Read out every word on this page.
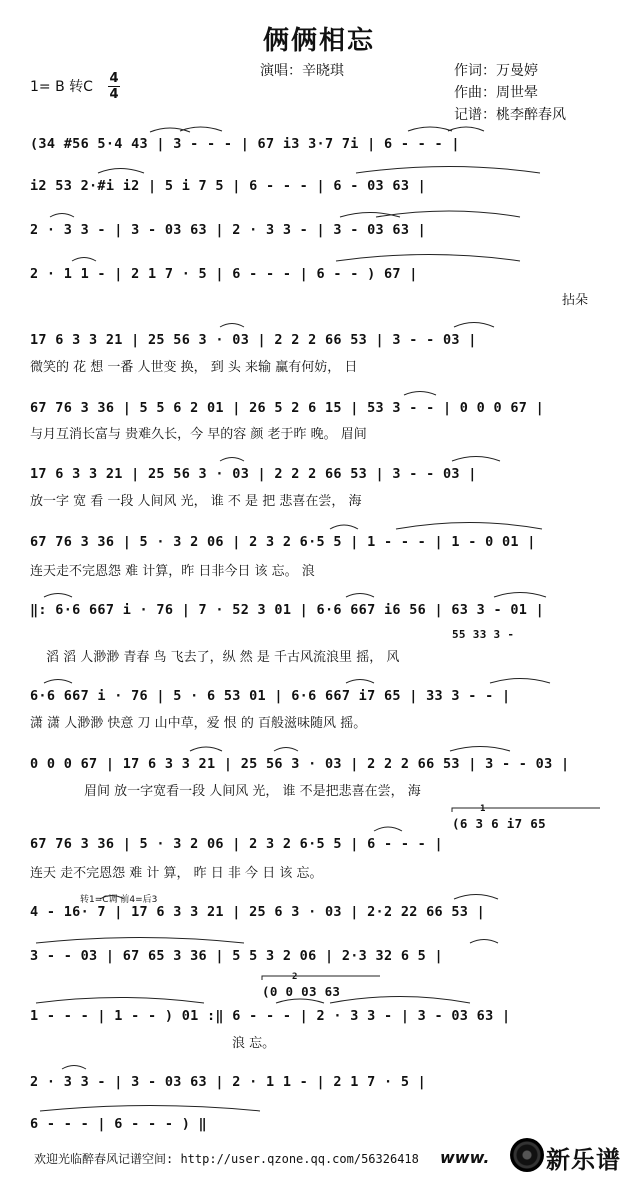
俩俩相忘
演唱：辛晓琪	作词：万曼婷
作曲：周世晕
记谱：桃李醉春风
1= B 转C
4
4
(34 #56 5·4 43 | 3 - - - | 67 i3 3·7 7i | 6 - - - |
i2 53 2·#i i2 | 5 i 7 5 | 6 - - - | 6 - 03 63 |
2 · 3 3 - | 3 - 03 63 | 2 · 3 3 - | 3 - 03 63 |
2 · 1 1 - | 2 1 7 · 5 | 6 - - - | 6 - - ) 67 |
拈朵
17 6 3 3 21 | 25 56 3 · 03 | 2 2 2 66 53 | 3 - - 03 |
微笑的 花 想 一番 人世变 换， 到 头 来输 赢有何妨， 日
67 76 3 36 | 5 5 6 2 01 | 26 5 2 6 15 | 53 3 - - | 0 0 0 67 |
与月互消长富与 贵难久长，今 早的容 颜 老于昨 晚。 眉间
17 6 3 3 21 | 25 56 3 · 03 | 2 2 2 66 53 | 3 - - 03 |
放一字 宽 看 一段 人间风 光， 谁 不 是 把 悲喜在尝， 海
67 76 3 36 | 5 · 3 2 06 | 2 3 2 6·5 5 | 1 - - - | 1 - 0 01 |
连天走不完恩怨 难 计算，昨 日非今日 该 忘。 浪
‖: 6·6 667 i · 76 | 7 · 52 3 01 | 6·6 667 i6 56 | 63 3 - 01 |
55 33 3 -
滔 滔 人渺渺 青春 鸟 飞去了，纵 然 是 千古风流浪里 摇， 风
6·6 667 i · 76 | 5 · 6 53 01 | 6·6 667 i7 65 | 33 3 - - |
潇 潇 人渺渺 快意 刀 山中草，爱 恨 的 百般滋味随风 摇。
0 0 0 67 | 17 6 3 3 21 | 25 56 3 · 03 | 2 2 2 66 53 | 3 - - 03 |
眉间 放一字宽看一段 人间风 光， 谁 不是把悲喜在尝， 海
1
(6 3 6 i7 65
67 76 3 36 | 5 · 3 2 06 | 2 3 2 6·5 5 | 6 - - - |
连天 走不完恩怨 难 计 算， 昨 日 非 今 日 该 忘。
转1=C调 前4=后3
4 - 16· 7 | 17 6 3 3 21 | 25 6 3 · 03 | 2·2 22 66 53 |
3 - - 03 | 67 65 3 36 | 5 5 3 2 06 | 2·3 32 6 5 |
2
(0 0 03 63
1 - - - | 1 - - ) 01 :‖ 6 - - - | 2 · 3 3 - | 3 - 03 63 |
浪 忘。
2 · 3 3 - | 3 - 03 63 | 2 · 1 1 - | 2 1 7 · 5 |
6 - - - | 6 - - - ) ‖
欢迎光临醉春风记谱空间: http://user.qzone.qq.com/56326418 www. 新乐谱
